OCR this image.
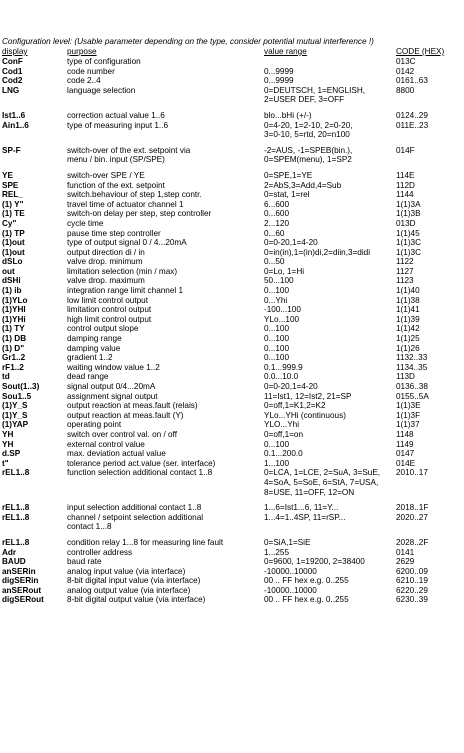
Configuration level: (Usable parameter depending on the type, consider potential mutual interference !)
display	purpose	value range	CODE (HEX)
ConF	type of configuration		013C
Cod1	code number	0...9999	0142
Cod2	code 2..4	0...9999	0161..63
LNG	language selection	0=DEUTSCH, 1=ENGLISH,
2=USER DEF, 3=OFF	8800
Ist1..6	correction actual value 1..6	blo...bHi (+/-)	0124..29
Ain1..6	type of measuring input 1..6	0=4-20, 1=2-10, 2=0-20,
3=0-10, 5=rtd, 20=n100	011E..23
SP-F	switch-over of the ext. setpoint via
menu / bin. input (SP/SPE)	-2=AUS, -1=SPEB(bin.),
0=SPEM(menu), 1=SP2	014F
YE	switch-over SPE / YE	0=SPE,1=YE	114E
SPE	function of the ext. setpoint	2=AbS,3=Add,4=Sub	112D
REL_	switch.behaviour of step 1,step contr.	0=stat, 1=rel	1144
(1) Y"	travel time of actuator channel 1	6...600	1(1)3A
(1) TE	switch-on delay per step, step controller	0...600	1(1)3B
Cy"	cycle time	2...120	013D
(1) TP	pause time step controller	0...60	1(1)45
(1)out	type of output signal 0 / 4...20mA	0=0-20,1=4-20	1(1)3C
(1)out	output direction di / in	0=in(in),1=(in)di,2=diin,3=didi	1(1)3C
dSLo	valve drop. minimum	0...50	1122
out	limitation selection (min / max)	0=Lo, 1=Hi	1127
dSHi	valve drop. maximum	50...100	1123
(1) ib	integration range limit channel 1	0...100	1(1)40
(1)YLo	low limit control output	0...Yhi	1(1)38
(1)YHI	limitation control output	-100...100	1(1)41
(1)YHi	high limit control output	YLo...100	1(1)39
(1) TY	control output slope	0...100	1(1)42
(1) DB	damping range	0...100	1(1)25
(1) D"	damping value	0...100	1(1)26
Gr1..2	gradient 1..2	0...100	1132..33
rF1..2	waiting window value 1..2	0.1...999.9	1134..35
td	dead range	0.0...10.0	113D
Sout(1..3)	signal output 0/4...20mA	0=0-20,1=4-20	0136..38
Sou1..5	assignment signal output	11=Ist1, 12=Ist2, 21=SP	0155..5A
(1)Y_S	output reaction at meas.fault (relais)	0=off,1=K1,2=K2	1(1)3E
(1)Y_S	output reaction at meas.fault (Y)	YLo...YHi (continuous)	1(1)3F
(1)YAP	operating point	YLO...Yhi	1(1)37
YH	switch over control val. on / off	0=off,1=on	1148
YH	external control value	0...100	1149
d.SP	max. deviation actual value	0.1...200.0	0147
t"	tolerance period act.value (ser. interface)	1...100	014E
rEL1..8	function selection additional contact 1..8	0=LCA, 1=LCE, 2=SuA, 3=SuE,
4=SoA, 5=SoE, 6=StA, 7=USA,
8=USE, 11=OFF, 12=ON	2010..17
rEL1..8	input selection additional contact 1..8	1...6=Ist1...6, 11=Y...	2018..1F
rEL1..8	channel / setpoint selection additional
contact 1...8	1...4=1..4SP, 11=rSP...	2020..27
rEL1..8	condition relay 1...8 for measuring line fault	0=SiA,1=SiE	2028..2F
Adr	controller address	1...255	0141
BAUD	baud rate	0=9600, 1=19200, 2=38400	2629
anSERin	analog input value (via interface)	-10000..10000	6200..09
digSERin	8-bit digital input value (via interface)	00 .. FF hex e.g. 0..255	6210..19
anSERout	analog output value (via interface)	-10000..10000	6220..29
digSERout	8-bit digital output value (via interface)	00 .. FF hex e.g. 0..255	6230..39
